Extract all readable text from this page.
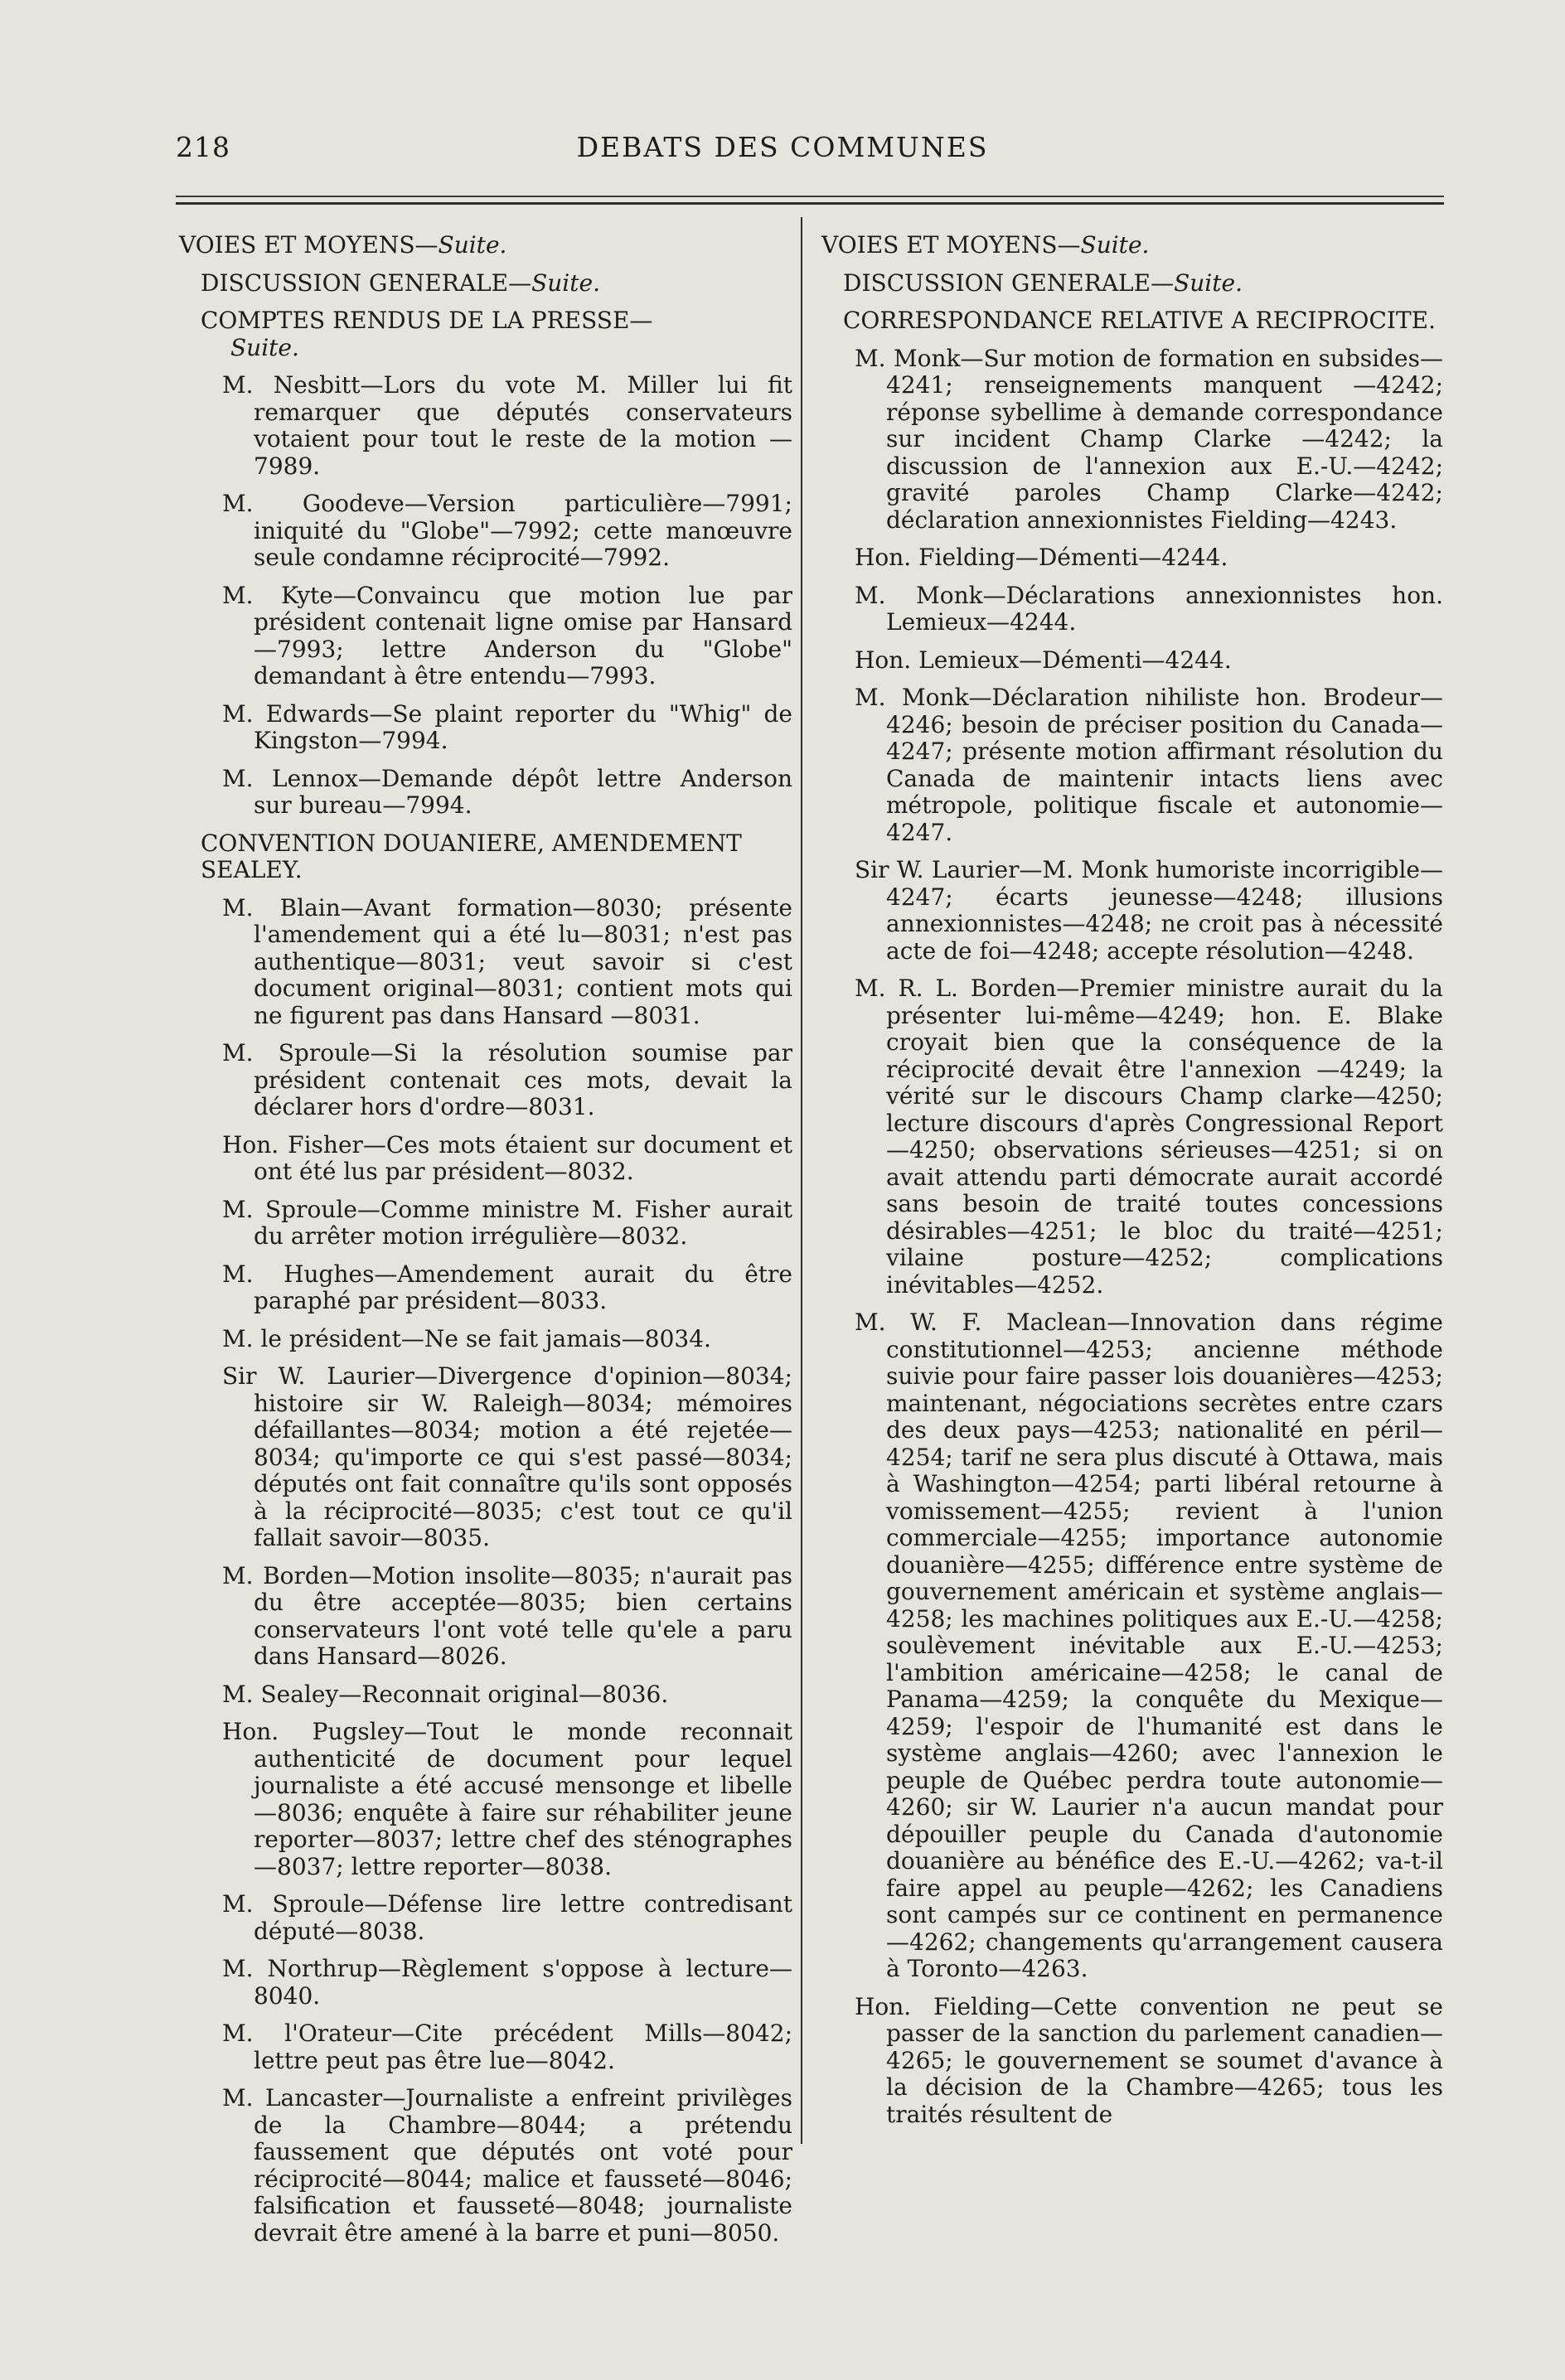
218	DEBATS DES COMMUNES
VOIES ET MOYENS—Suite.
DISCUSSION GENERALE—Suite.
COMPTES RENDUS DE LA PRESSE—
Suite.
M. Nesbitt—Lors du vote M. Miller lui fit remarquer que députés conservateurs votaient pour tout le reste de la motion —7989.
M. Goodeve—Version particulière—7991; iniquité du "Globe"—7992; cette manœuvre seule condamne réciprocité—7992.
M. Kyte—Convaincu que motion lue par président contenait ligne omise par Hansard—7993; lettre Anderson du "Globe" demandant à être entendu—7993.
M. Edwards—Se plaint reporter du "Whig" de Kingston—7994.
M. Lennox—Demande dépôt lettre Anderson sur bureau—7994.
CONVENTION DOUANIERE, AMENDEMENT SEALEY.
M. Blain—Avant formation—8030; présente l'amendement qui a été lu—8031; n'est pas authentique—8031; veut savoir si c'est document original—8031; contient mots qui ne figurent pas dans Hansard —8031.
M. Sproule—Si la résolution soumise par président contenait ces mots, devait la déclarer hors d'ordre—8031.
Hon. Fisher—Ces mots étaient sur document et ont été lus par président—8032.
M. Sproule—Comme ministre M. Fisher aurait du arrêter motion irrégulière—8032.
M. Hughes—Amendement aurait du être paraphé par président—8033.
M. le président—Ne se fait jamais—8034.
Sir W. Laurier—Divergence d'opinion—8034; histoire sir W. Raleigh—8034; mémoires défaillantes—8034; motion a été rejetée—8034; qu'importe ce qui s'est passé—8034; députés ont fait connaître qu'ils sont opposés à la réciprocité—8035; c'est tout ce qu'il fallait savoir—8035.
M. Borden—Motion insolite—8035; n'aurait pas du être acceptée—8035; bien certains conservateurs l'ont voté telle qu'ele a paru dans Hansard—8026.
M. Sealey—Reconnait original—8036.
Hon. Pugsley—Tout le monde reconnait authenticité de document pour lequel journaliste a été accusé mensonge et libelle —8036; enquête à faire sur réhabiliter jeune reporter—8037; lettre chef des sténographes—8037; lettre reporter—8038.
M. Sproule—Défense lire lettre contredisant député—8038.
M. Northrup—Règlement s'oppose à lecture—8040.
M. l'Orateur—Cite précédent Mills—8042; lettre peut pas être lue—8042.
M. Lancaster—Journaliste a enfreint privilèges de la Chambre—8044; a prétendu faussement que députés ont voté pour réciprocité—8044; malice et fausseté—8046; falsification et fausseté—8048; journaliste devrait être amené à la barre et puni—8050.
VOIES ET MOYENS—Suite.
DISCUSSION GENERALE—Suite.
CORRESPONDANCE RELATIVE A RECIPROCITE.
M. Monk—Sur motion de formation en subsides—4241; renseignements manquent —4242; réponse sybellime à demande correspondance sur incident Champ Clarke —4242; la discussion de l'annexion aux E.-U.—4242; gravité paroles Champ Clarke—4242; déclaration annexionnistes Fielding—4243.
Hon. Fielding—Démenti—4244.
M. Monk—Déclarations annexionnistes hon. Lemieux—4244.
Hon. Lemieux—Démenti—4244.
M. Monk—Déclaration nihiliste hon. Brodeur—4246; besoin de préciser position du Canada—4247; présente motion affirmant résolution du Canada de maintenir intacts liens avec métropole, politique fiscale et autonomie—4247.
Sir W. Laurier—M. Monk humoriste incorrigible—4247; écarts jeunesse—4248; illusions annexionnistes—4248; ne croit pas à nécessité acte de foi—4248; accepte résolution—4248.
M. R. L. Borden—Premier ministre aurait du la présenter lui-même—4249; hon. E. Blake croyait bien que la conséquence de la réciprocité devait être l'annexion —4249; la vérité sur le discours Champ clarke—4250; lecture discours d'après Congressional Report—4250; observations sérieuses—4251; si on avait attendu parti démocrate aurait accordé sans besoin de traité toutes concessions désirables—4251; le bloc du traité—4251; vilaine posture—4252; complications inévitables—4252.
M. W. F. Maclean—Innovation dans régime constitutionnel—4253; ancienne méthode suivie pour faire passer lois douanières—4253; maintenant, négociations secrètes entre czars des deux pays—4253; nationalité en péril—4254; tarif ne sera plus discuté à Ottawa, mais à Washington—4254; parti libéral retourne à vomissement—4255; revient à l'union commerciale—4255; importance autonomie douanière—4255; différence entre système de gouvernement américain et système anglais—4258; les machines politiques aux E.-U.—4258; soulèvement inévitable aux E.-U.—4253; l'ambition américaine—4258; le canal de Panama—4259; la conquête du Mexique—4259; l'espoir de l'humanité est dans le système anglais—4260; avec l'annexion le peuple de Québec perdra toute autonomie—4260; sir W. Laurier n'a aucun mandat pour dépouiller peuple du Canada d'autonomie douanière au bénéfice des E.-U.—4262; va-t-il faire appel au peuple—4262; les Canadiens sont campés sur ce continent en permanence—4262; changements qu'arrangement causera à Toronto—4263.
Hon. Fielding—Cette convention ne peut se passer de la sanction du parlement canadien—4265; le gouvernement se soumet d'avance à la décision de la Chambre—4265; tous les traités résultent de
